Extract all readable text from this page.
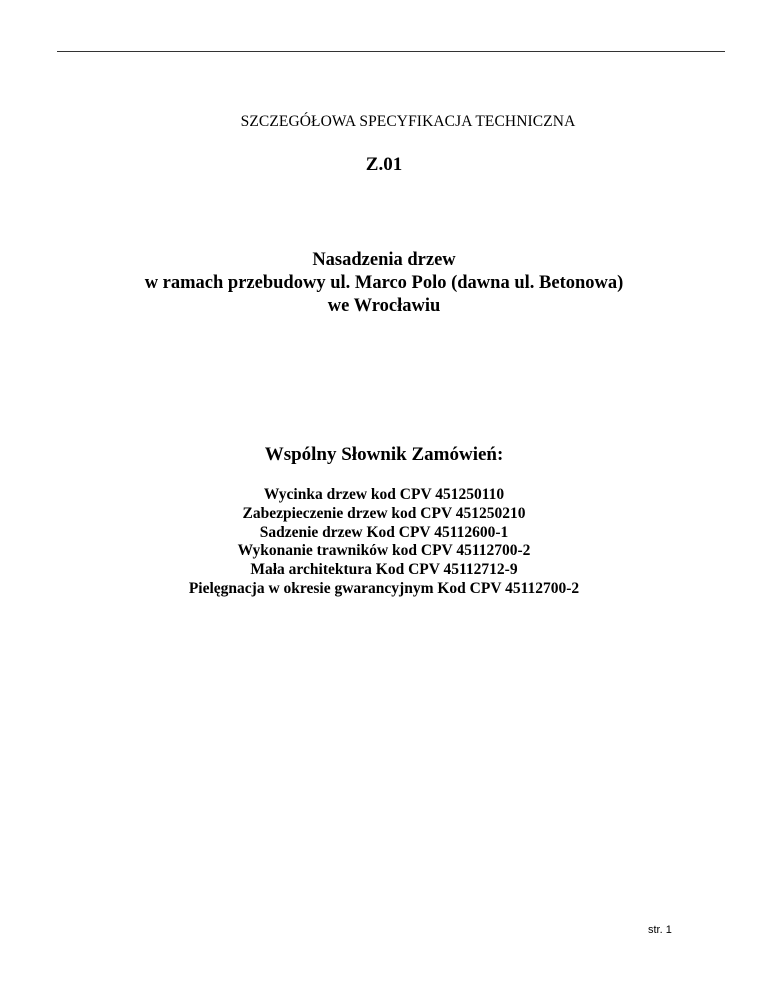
SZCZEGÓŁOWA SPECYFIKACJA TECHNICZNA
Z.01
Nasadzenia drzew
w ramach przebudowy ul. Marco Polo (dawna ul. Betonowa)
we Wrocławiu
Wspólny Słownik Zamówień:
Wycinka drzew kod CPV 451250110
Zabezpieczenie drzew kod CPV 451250210
Sadzenie drzew Kod CPV 45112600-1
Wykonanie trawników kod CPV 45112700-2
Mała architektura Kod CPV 45112712-9
Pielęgnacja w okresie gwarancyjnym Kod CPV 45112700-2
str. 1
